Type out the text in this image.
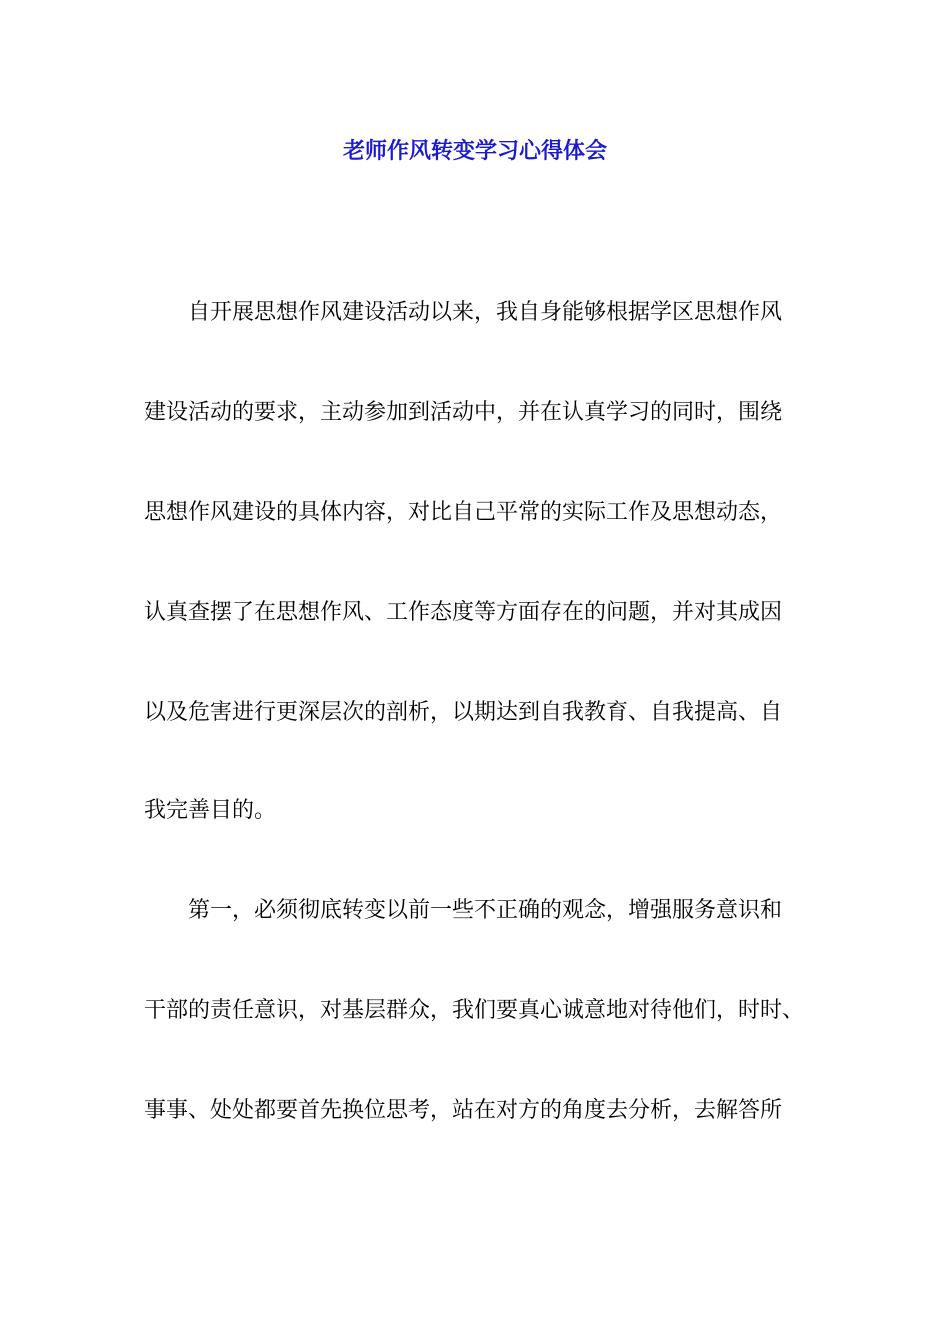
老师作风转变学习心得体会
自开展思想作风建设活动以来，我自身能够根据学区思想作风
建设活动的要求，主动参加到活动中，并在认真学习的同时，围绕
思想作风建设的具体内容，对比自己平常的实际工作及思想动态，
认真查摆了在思想作风、工作态度等方面存在的问题，并对其成因
以及危害进行更深层次的剖析，以期达到自我教育、自我提高、自
我完善目的。
第一，必须彻底转变以前一些不正确的观念，增强服务意识和
干部的责任意识，对基层群众，我们要真心诚意地对待他们，时时、
事事、处处都要首先换位思考，站在对方的角度去分析，去解答所
